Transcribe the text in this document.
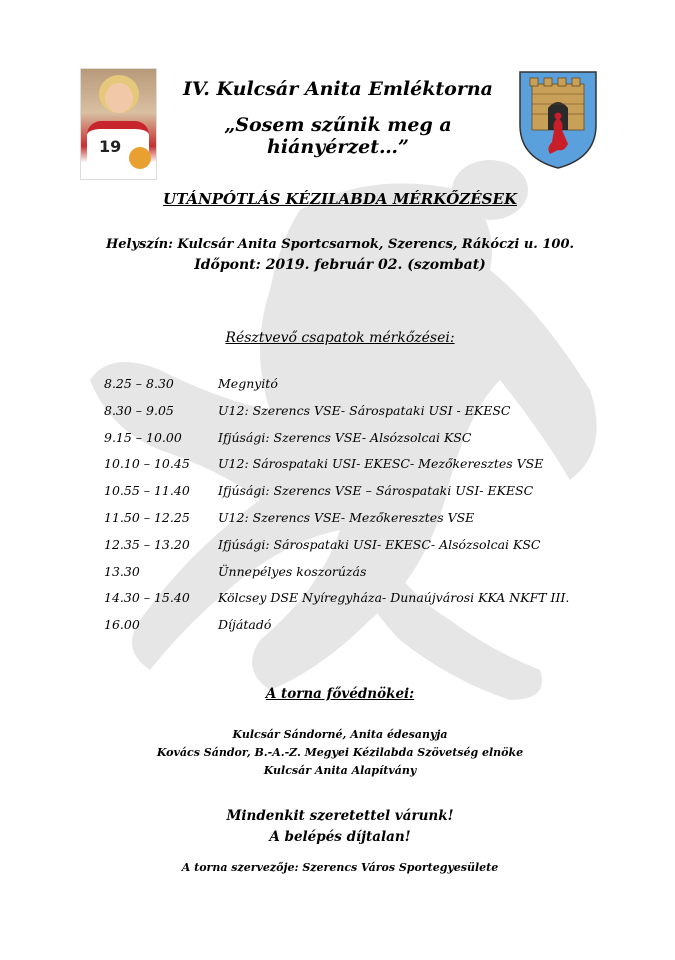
19
IV. Kulcsár Anita Emléktorna
„Sosem szűnik meg a hiányérzet…”
UTÁNPÓTLÁS KÉZILABDA MÉRKŐZÉSEK
Helyszín: Kulcsár Anita Sportcsarnok, Szerencs, Rákóczi u. 100.
Időpont: 2019. február 02. (szombat)
Résztvevő csapatok mérkőzései:
8.25 – 8.30	Megnyitó
8.30 – 9.05	U12: Szerencs VSE- Sárospataki USI - EKESC
9.15 – 10.00	Ifjúsági: Szerencs VSE- Alsózsolcai KSC
10.10 – 10.45 U12: Sárospataki USI- EKESC- Mezőkeresztes VSE
10.55 – 11.40 Ifjúsági: Szerencs VSE – Sárospataki USI- EKESC
11.50 – 12.25 U12: Szerencs VSE- Mezőkeresztes VSE
12.35 – 13.20 Ifjúsági: Sárospataki USI- EKESC- Alsózsolcai KSC
13.30	Ünnepélyes koszorúzás
14.30 – 15.40 Kölcsey DSE Nyíregyháza- Dunaújvárosi KKA NKFT III.
16.00	Díjátadó
A torna fővédnökei:
Kulcsár Sándorné, Anita édesanyja
Kovács Sándor, B.-A.-Z. Megyei Kézilabda Szövetség elnöke
Kulcsár Anita Alapítvány
Mindenkit szeretettel várunk!
A belépés díjtalan!
A torna szervezője: Szerencs Város Sportegyesülete
